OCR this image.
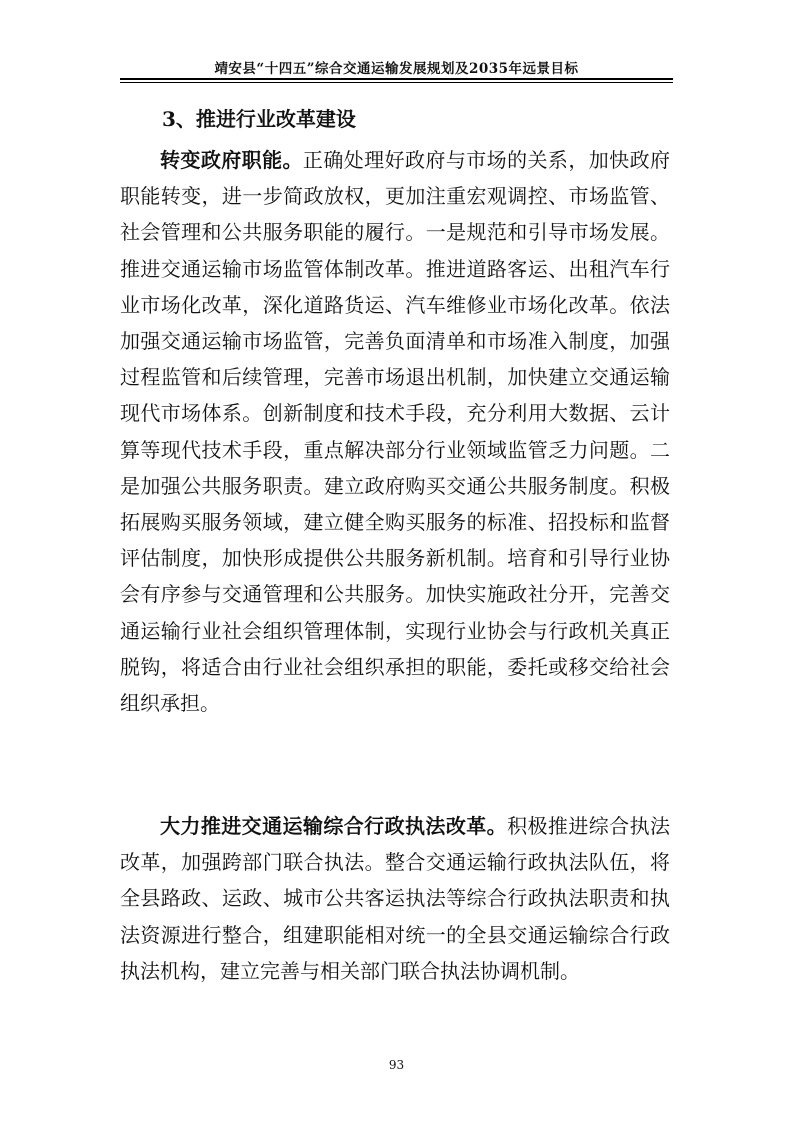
靖安县“十四五”综合交通运输发展规划及2035年远景目标
3、推进行业改革建设
转变政府职能。正确处理好政府与市场的关系，加快政府职能转变，进一步简政放权，更加注重宏观调控、市场监管、社会管理和公共服务职能的履行。一是规范和引导市场发展。推进交通运输市场监管体制改革。推进道路客运、出租汽车行业市场化改革，深化道路货运、汽车维修业市场化改革。依法加强交通运输市场监管，完善负面清单和市场准入制度，加强过程监管和后续管理，完善市场退出机制，加快建立交通运输现代市场体系。创新制度和技术手段，充分利用大数据、云计算等现代技术手段，重点解决部分行业领域监管乏力问题。二是加强公共服务职责。建立政府购买交通公共服务制度。积极拓展购买服务领域，建立健全购买服务的标准、招投标和监督评估制度，加快形成提供公共服务新机制。培育和引导行业协会有序参与交通管理和公共服务。加快实施政社分开，完善交通运输行业社会组织管理体制，实现行业协会与行政机关真正脱钩，将适合由行业社会组织承担的职能，委托或移交给社会组织承担。
大力推进交通运输综合行政执法改革。积极推进综合执法改革，加强跨部门联合执法。整合交通运输行政执法队伍，将全县路政、运政、城市公共客运执法等综合行政执法职责和执法资源进行整合，组建职能相对统一的全县交通运输综合行政执法机构，建立完善与相关部门联合执法协调机制。
93
